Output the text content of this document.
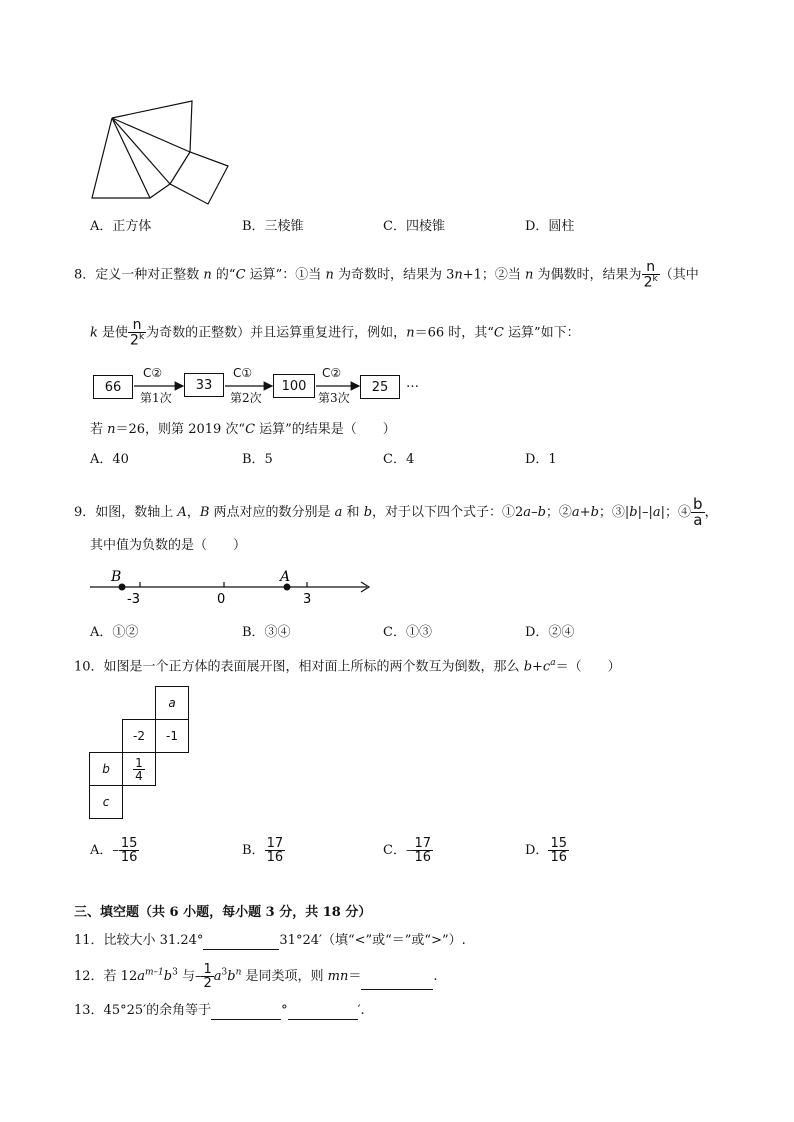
A．正方体	B．三棱锥	C．四棱锥	D．圆柱
8．定义一种对正整数 n 的“C 运算”：①当 n 为奇数时，结果为 3n+1；②当 n 为偶数时，结果为 $\frac{n}{2^k}$ （其中
k 是使 $\frac{n}{2^k}$ 为奇数的正整数）并且运算重复进行，例如，n＝66 时，其“C 运算”如下：
66	33	100	25
C②	C①	C②
第1次	第2次	第3次
…
若 n＝26，则第 2019 次“C 运算”的结果是（　　）
A．40	B．5	C．4	D．1
9．如图，数轴上 A，B 两点对应的数分别是 a 和 b，对于以下四个式子：①2a–b；②a+b；③|b|–|a|；④ $\frac{b}{a}$ ，
其中值为负数的是（　　）
B	A
-3	0	3
A．①②	B．③④	C．①③	D．②④
10．如图是一个正方体的表面展开图，相对面上所标的两个数互为倒数，那么 $b+c^a=$（　　）
a
-2	-1
b $\frac{1}{4}$
c
A．– $\frac{15}{16}$	B． $\frac{17}{16}$	C．– $\frac{17}{16}$	D． $\frac{15}{16}$
三、填空题（共 6 小题，每小题 3 分，共 18 分）
11．比较大小 31.24°	31°24′（填“<”或“＝”或“>”）.
12．若 $12a^{m-1}b^3$ 与– $\frac{1}{2} a^3b^n$ 是同类项，则 mn＝	.
13．45°25′的余角等于	°	′.
